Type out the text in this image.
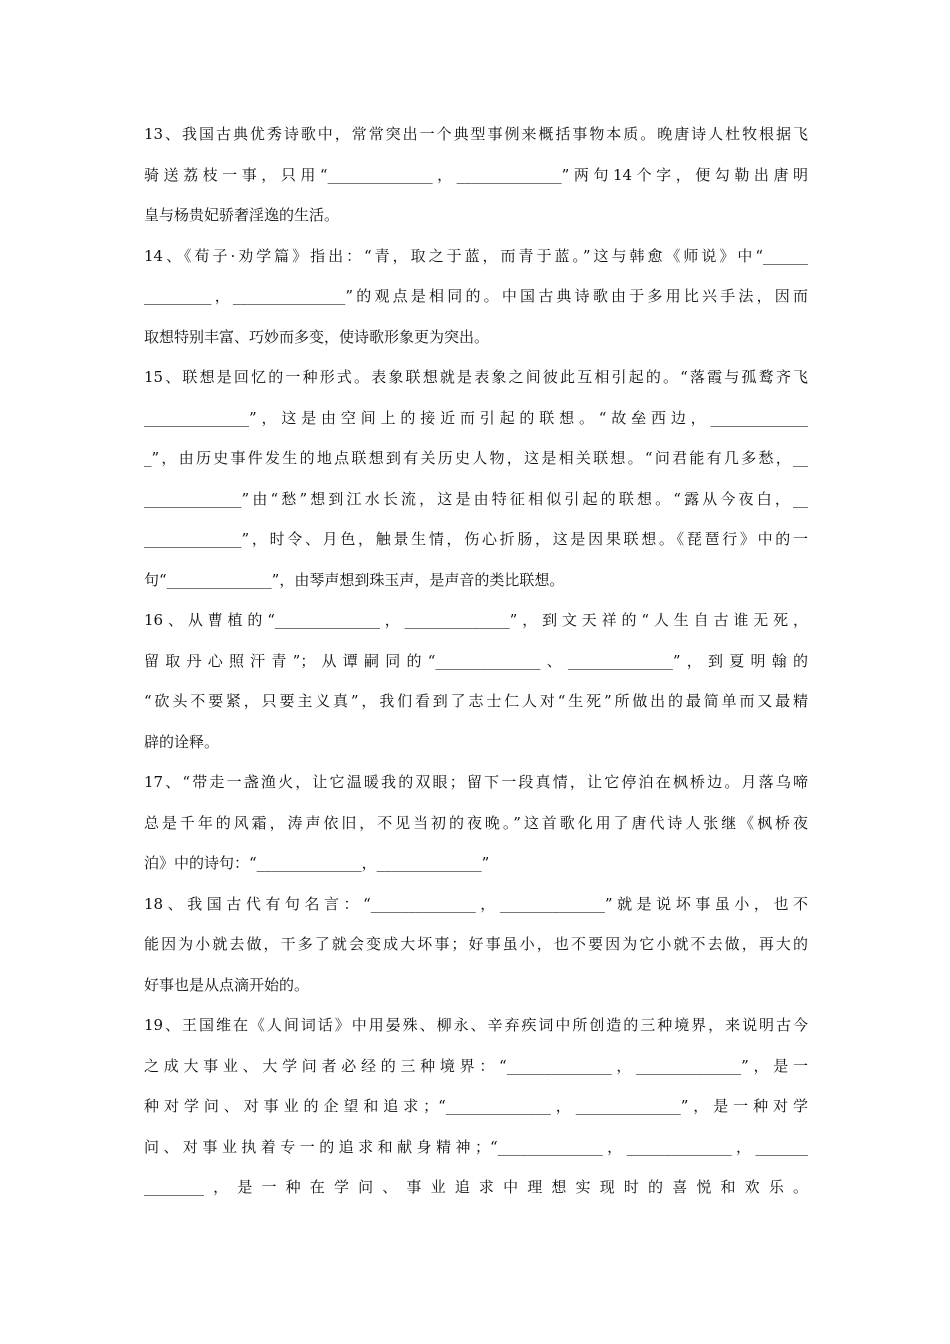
13、我国古典优秀诗歌中，常常突出一个典型事例来概括事物本质。晚唐诗人杜牧根据飞
骑送荔枝一事，只用“______________，______________”两句14个字，便勾勒出唐明
皇与杨贵妃骄奢淫逸的生活。
14、《荀子·劝学篇》指出：“青，取之于蓝，而青于蓝。”这与韩愈《师说》中“______
_________，_______________”的观点是相同的。中国古典诗歌由于多用比兴手法，因而
取想特别丰富、巧妙而多变，使诗歌形象更为突出。
15、联想是回忆的一种形式。表象联想就是表象之间彼此互相引起的。“落霞与孤鹜齐飞
______________”，这是由空间上的接近而引起的联想。“故垒西边，_____________
_”，由历史事件发生的地点联想到有关历史人物，这是相关联想。“问君能有几多愁，__
_____________”由“愁”想到江水长流，这是由特征相似引起的联想。“露从今夜白，__
_____________”，时令、月色，触景生情，伤心折肠，这是因果联想。《琵琶行》中的一
句“______________”，由琴声想到珠玉声，是声音的类比联想。
16、从曹植的“______________，______________”，到文天祥的“人生自古谁无死，
留取丹心照汗青”；从谭嗣同的“______________、______________”，到夏明翰的
“砍头不要紧，只要主义真”，我们看到了志士仁人对“生死”所做出的最简单而又最精
辟的诠释。
17、“带走一盏渔火，让它温暖我的双眼；留下一段真情，让它停泊在枫桥边。月落乌啼
总是千年的风霜，涛声依旧，不见当初的夜晚。”这首歌化用了唐代诗人张继《枫桥夜
泊》中的诗句：“______________，______________”
18、我国古代有句名言：“______________，______________”就是说坏事虽小，也不
能因为小就去做，干多了就会变成大坏事；好事虽小，也不要因为它小就不去做，再大的
好事也是从点滴开始的。
19、王国维在《人间词话》中用晏殊、柳永、辛弃疾词中所创造的三种境界，来说明古今
之成大事业、大学问者必经的三种境界：“______________，______________”，是一
种对学问、对事业的企望和追求；“______________，______________”，是一种对学
问、对事业执着专一的追求和献身精神；“______________，______________，_______
________，是一种在学问、事业追求中理想实现时的喜悦和欢乐。
